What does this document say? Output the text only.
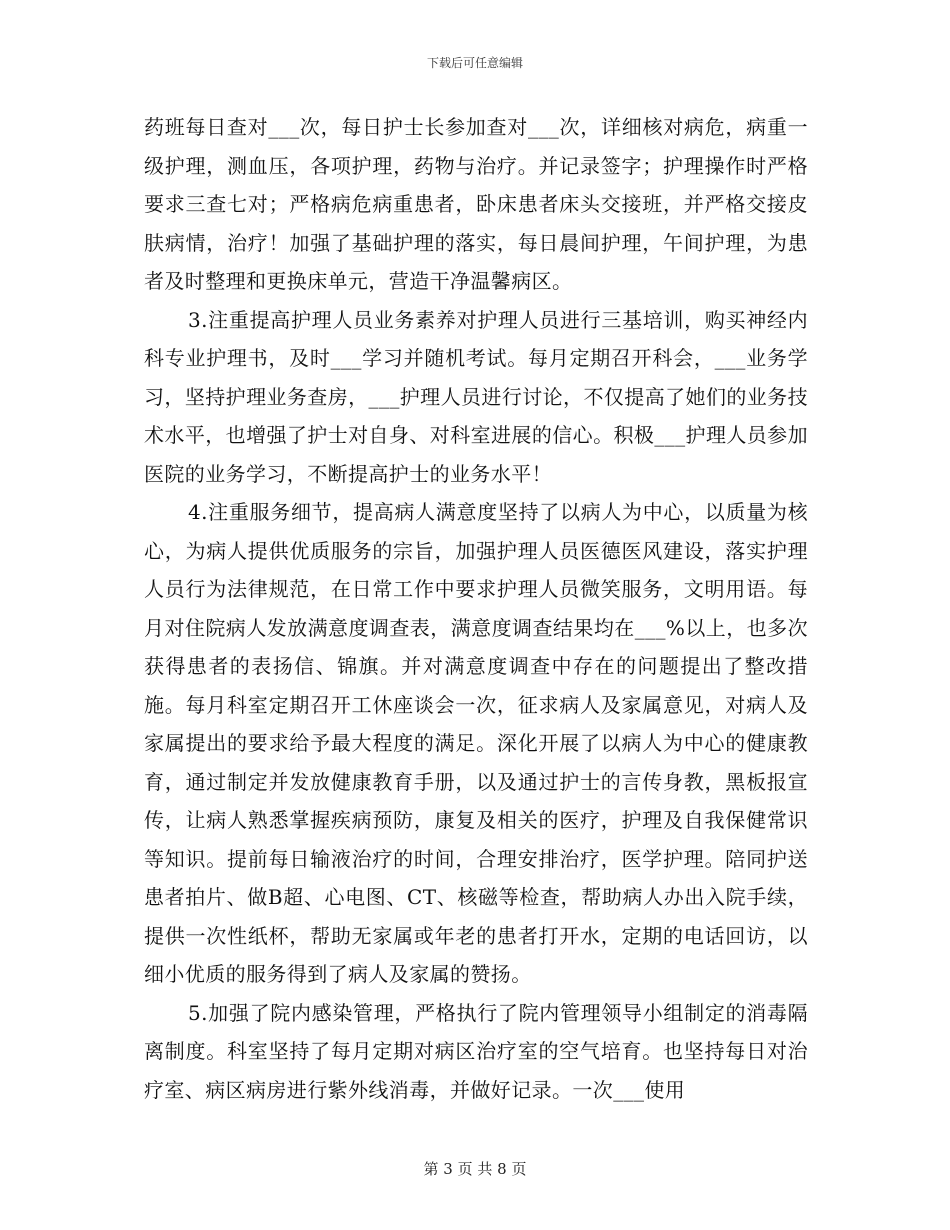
下载后可任意编辑

药班每日查对___次，每日护士长参加查对___次，详细核对病危，病重一级护理，测血压，各项护理，药物与治疗。并记录签字；护理操作时严格要求三查七对；严格病危病重患者，卧床患者床头交接班，并严格交接皮肤病情，治疗！加强了基础护理的落实，每日晨间护理，午间护理，为患者及时整理和更换床单元，营造干净温馨病区。

3.注重提高护理人员业务素养对护理人员进行三基培训，购买神经内科专业护理书，及时___学习并随机考试。每月定期召开科会，___业务学习，坚持护理业务查房，___护理人员进行讨论，不仅提高了她们的业务技术水平，也增强了护士对自身、对科室进展的信心。积极___护理人员参加医院的业务学习，不断提高护士的业务水平！

4.注重服务细节，提高病人满意度坚持了以病人为中心，以质量为核心，为病人提供优质服务的宗旨，加强护理人员医德医风建设，落实护理人员行为法律规范，在日常工作中要求护理人员微笑服务，文明用语。每月对住院病人发放满意度调查表，满意度调查结果均在___%以上，也多次获得患者的表扬信、锦旗。并对满意度调查中存在的问题提出了整改措施。每月科室定期召开工休座谈会一次，征求病人及家属意见，对病人及家属提出的要求给予最大程度的满足。深化开展了以病人为中心的健康教育，通过制定并发放健康教育手册，以及通过护士的言传身教，黑板报宣传，让病人熟悉掌握疾病预防，康复及相关的医疗，护理及自我保健常识等知识。提前每日输液治疗的时间，合理安排治疗，医学护理。陪同护送患者拍片、做B超、心电图、CT、核磁等检查，帮助病人办出入院手续，提供一次性纸杯，帮助无家属或年老的患者打开水，定期的电话回访，以细小优质的服务得到了病人及家属的赞扬。

5.加强了院内感染管理，严格执行了院内管理领导小组制定的消毒隔离制度。科室坚持了每月定期对病区治疗室的空气培育。也坚持每日对治疗室、病区病房进行紫外线消毒，并做好记录。一次___使用

第 3 页 共 8 页
